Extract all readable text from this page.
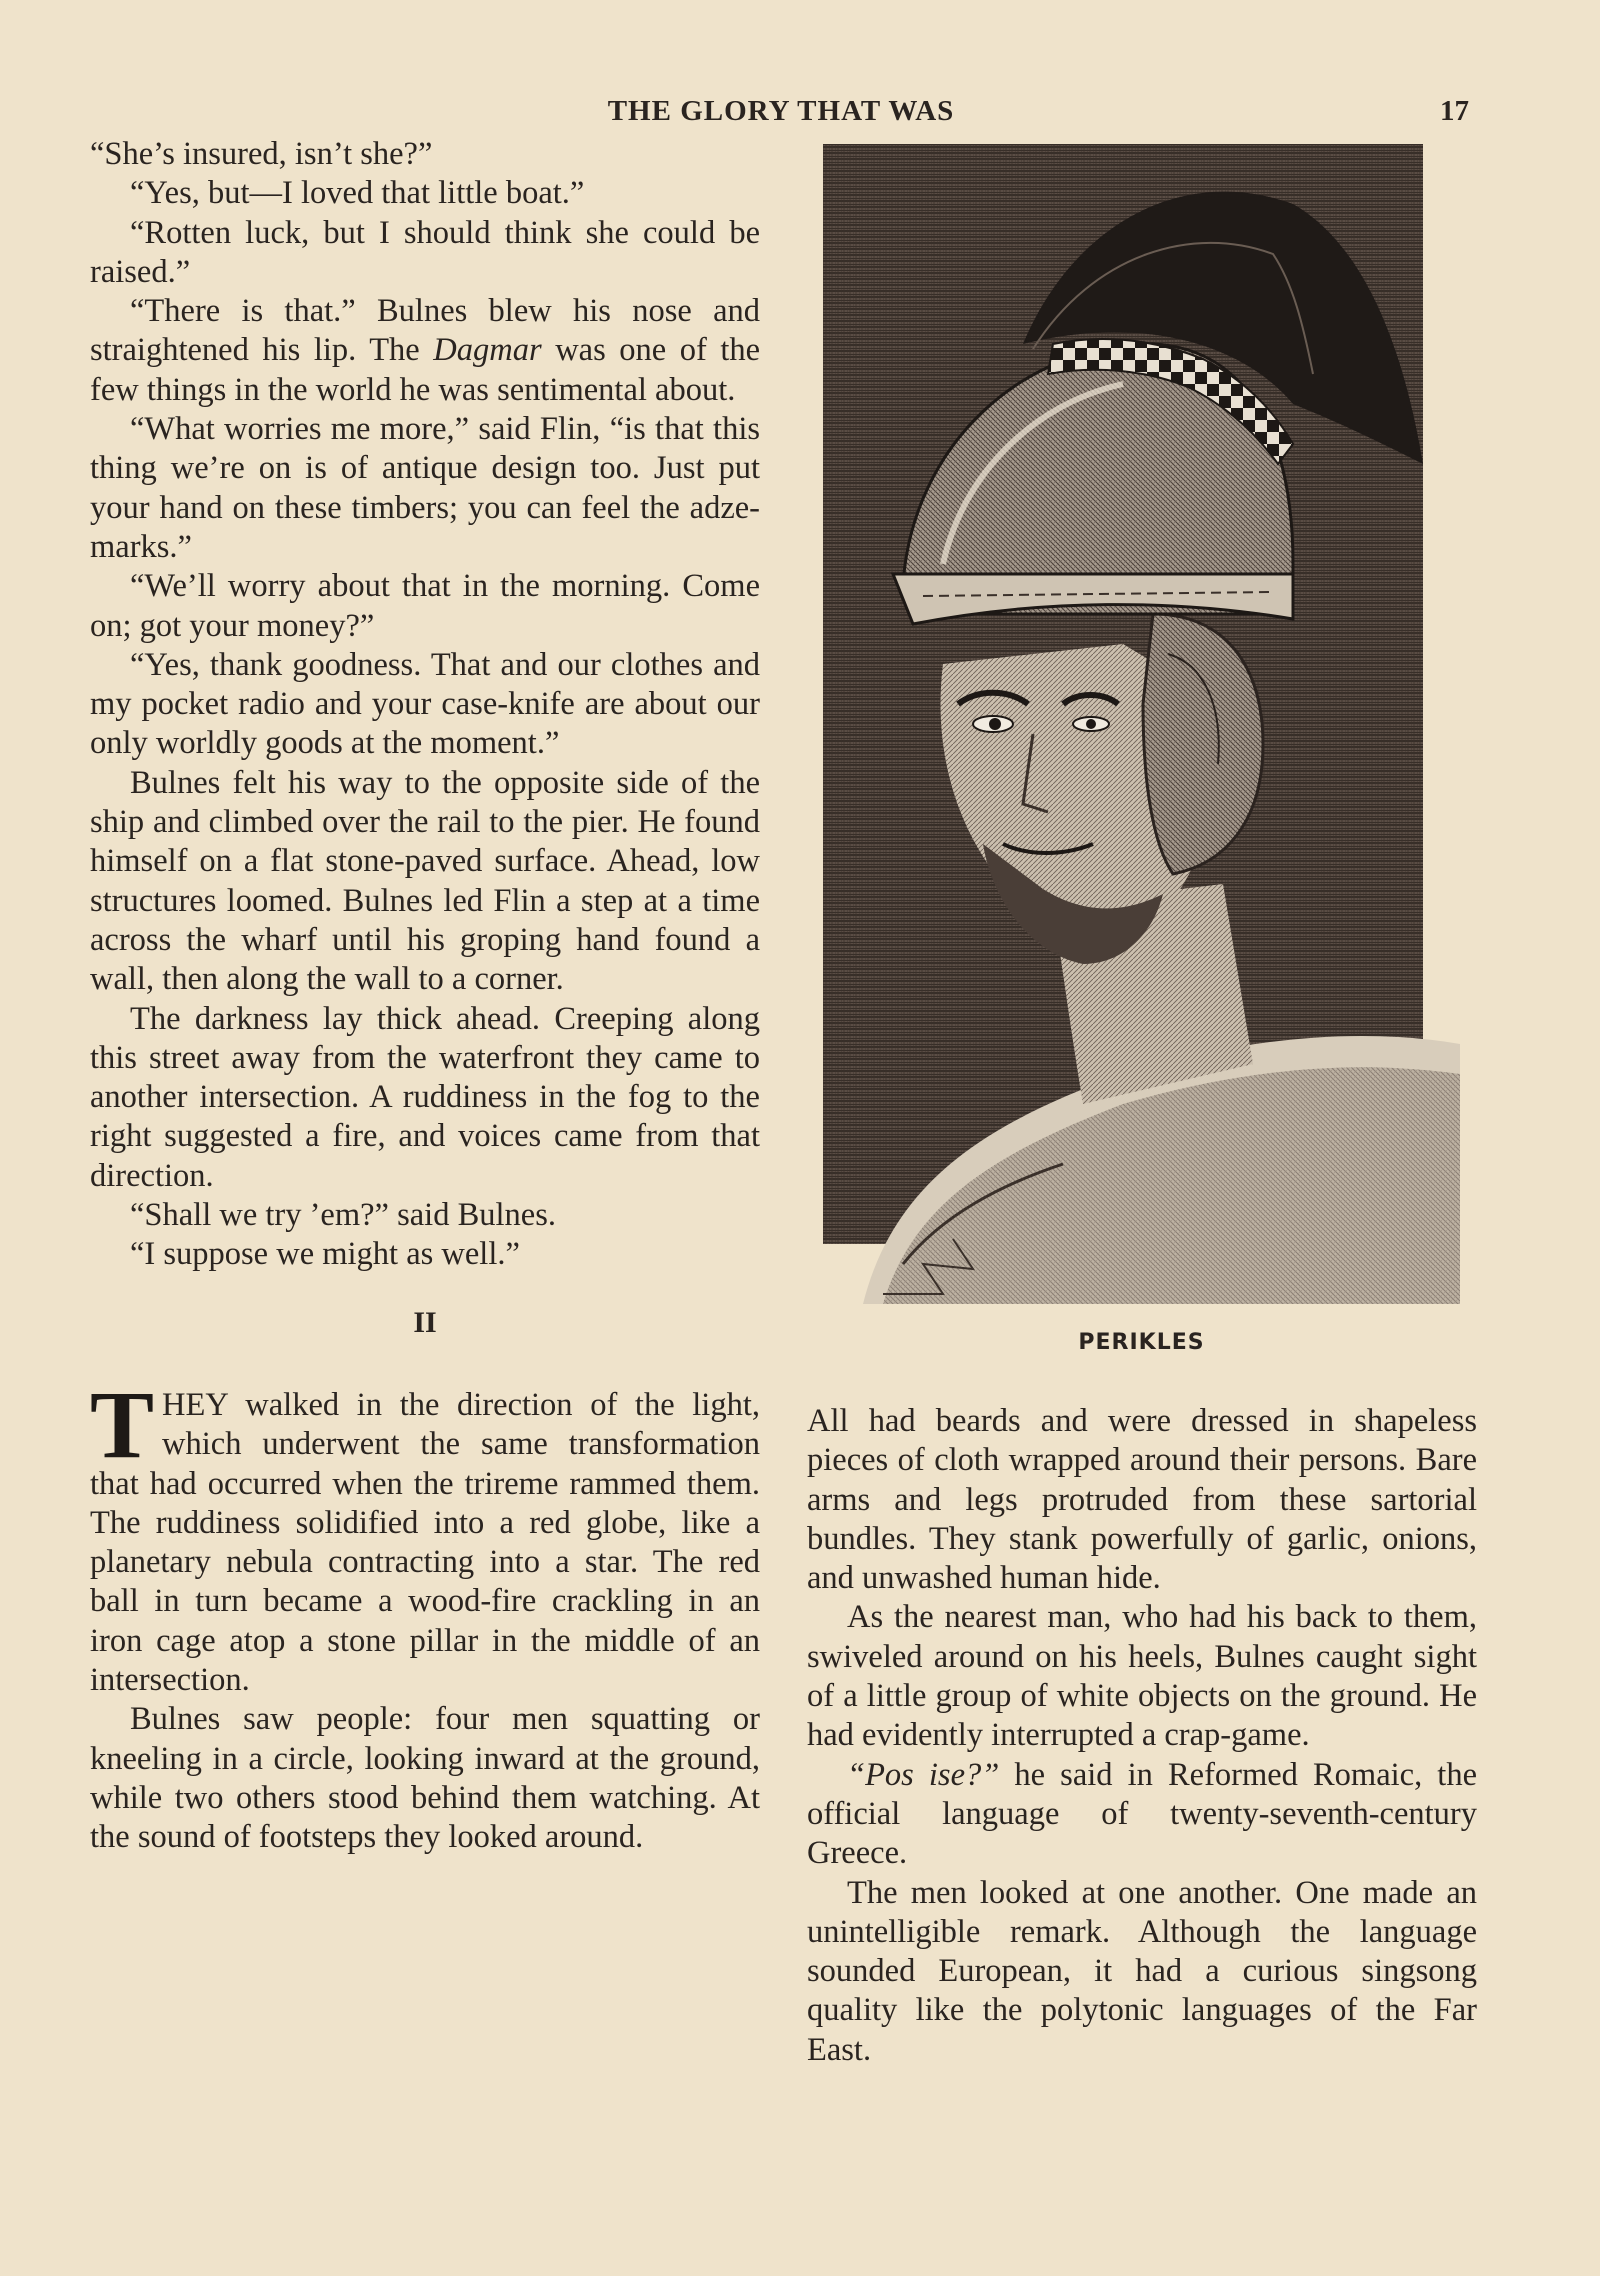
THE GLORY THAT WAS	17

“She’s insured, isn’t she?”

“Yes, but—I loved that little boat.”

“Rotten luck, but I should think she could be raised.”

“There is that.” Bulnes blew his nose and straightened his lip. The Dagmar was one of the few things in the world he was sentimental about.

“What worries me more,” said Flin, “is that this thing we’re on is of antique design too. Just put your hand on these timbers; you can feel the adze-marks.”

“We’ll worry about that in the morning. Come on; got your money?”

“Yes, thank goodness. That and our clothes and my pocket radio and your case-knife are about our only worldly goods at the moment.”

Bulnes felt his way to the opposite side of the ship and climbed over the rail to the pier. He found himself on a flat stone-paved surface. Ahead, low structures loomed. Bulnes led Flin a step at a time across the wharf until his groping hand found a wall, then along the wall to a corner.

The darkness lay thick ahead. Creeping along this street away from the waterfront they came to another intersection. A ruddiness in the fog to the right suggested a fire, and voices came from that direction.

“Shall we try ’em?” said Bulnes.

“I suppose we might as well.”

II

THEY walked in the direction of the light, which underwent the same transformation that had occurred when the trireme rammed them. The ruddiness solidified into a red globe, like a planetary nebula contracting into a star. The red ball in turn became a wood-fire crackling in an iron cage atop a stone pillar in the middle of an intersection.

Bulnes saw people: four men squatting or kneeling in a circle, looking inward at the ground, while two others stood behind them watching. At the sound of footsteps they looked around.

PERIKLES

All had beards and were dressed in shapeless pieces of cloth wrapped around their persons. Bare arms and legs protruded from these sartorial bundles. They stank powerfully of garlic, onions, and unwashed human hide.

As the nearest man, who had his back to them, swiveled around on his heels, Bulnes caught sight of a little group of white objects on the ground. He had evidently interrupted a crap-game.

“Pos ise?” he said in Reformed Romaic, the official language of twenty-seventh-century Greece.

The men looked at one another. One made an unintelligible remark. Although the language sounded European, it had a curious singsong quality like the polytonic languages of the Far East.
